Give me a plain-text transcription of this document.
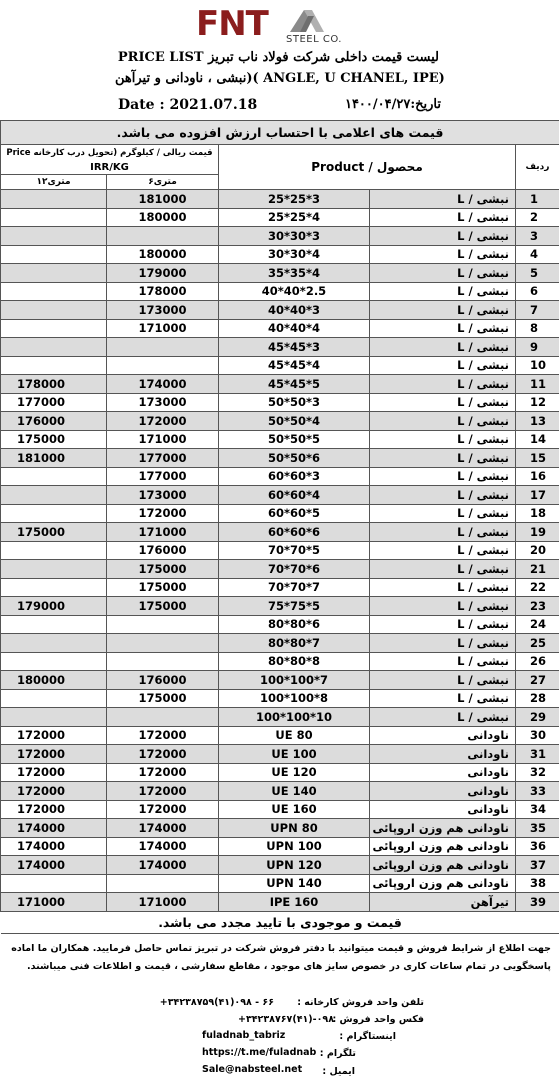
FNT STEEL CO.
لیست قیمت داخلی شرکت فولاد ناب تبریز PRICE LIST
(ANGLE, U CHANEL, IPE )(نبشی ، ناودانی و تیرآهن
Date : 2021.07.18	تاریخ:۱۴۰۰/۰۴/۲۷
قیمت های اعلامی با احتساب ارزش افزوده می باشد.				
قیمت ریالی / کیلوگرم (تحویل درب کارخانه Price		Product / محصول		ردیف
IRR/KG				
۱۲متری	۶متری			
	181000	25*25*3	نبشی / L	1
	180000	25*25*4	نبشی / L	2
		30*30*3	نبشی / L	3
	180000	30*30*4	نبشی / L	4
	179000	35*35*4	نبشی / L	5
	178000	40*40*2.5	نبشی / L	6
	173000	40*40*3	نبشی / L	7
	171000	40*40*4	نبشی / L	8
		45*45*3	نبشی / L	9
		45*45*4	نبشی / L	10
178000	174000	45*45*5	نبشی / L	11
177000	173000	50*50*3	نبشی / L	12
176000	172000	50*50*4	نبشی / L	13
175000	171000	50*50*5	نبشی / L	14
181000	177000	50*50*6	نبشی / L	15
	177000	60*60*3	نبشی / L	16
	173000	60*60*4	نبشی / L	17
	172000	60*60*5	نبشی / L	18
175000	171000	60*60*6	نبشی / L	19
	176000	70*70*5	نبشی / L	20
	175000	70*70*6	نبشی / L	21
	175000	70*70*7	نبشی / L	22
179000	175000	75*75*5	نبشی / L	23
		80*80*6	نبشی / L	24
		80*80*7	نبشی / L	25
		80*80*8	نبشی / L	26
180000	176000	100*100*7	نبشی / L	27
	175000	100*100*8	نبشی / L	28
		100*100*10	نبشی / L	29
172000	172000	UE 80	ناودانی	30
172000	172000	UE 100	ناودانی	31
172000	172000	UE 120	ناودانی	32
172000	172000	UE 140	ناودانی	33
172000	172000	UE 160	ناودانی	34
174000	174000	UPN 80	ناودانی هم وزن اروپائی	35
174000	174000	UPN 100	ناودانی هم وزن اروپائی	36
174000	174000	UPN 120	ناودانی هم وزن اروپائی	37
		UPN 140	ناودانی هم وزن اروپائی	38
171000	171000	IPE 160	تیرآهن	39
قیمت و موجودی با تایید مجدد می باشد.				
جهت اطلاع از شرایط فروش و قیمت میتوانید با دفتر فروش شرکت در تبریز تماس حاصل فرمایید. همکاران ما اماده پاسخگویی در تمام ساعات کاری در خصوص سایز های موجود ، مقاطع سفارشی ، قیمت و اطلاعات فنی میباشند.
تلفن واحد فروش کارخانه :
۶۶ - ۰۹۸(۴۱)۳۴۲۳۸۷۵۹+
فکس واحد فروش :
۰۹۸-(۴۱)۳۴۲۳۸۷۶۷+
اینستاگرام :
fuladnab_tabriz
تلگرام :
https://t.me/fuladnab
ایمیل :
Sale@nabsteel.net
